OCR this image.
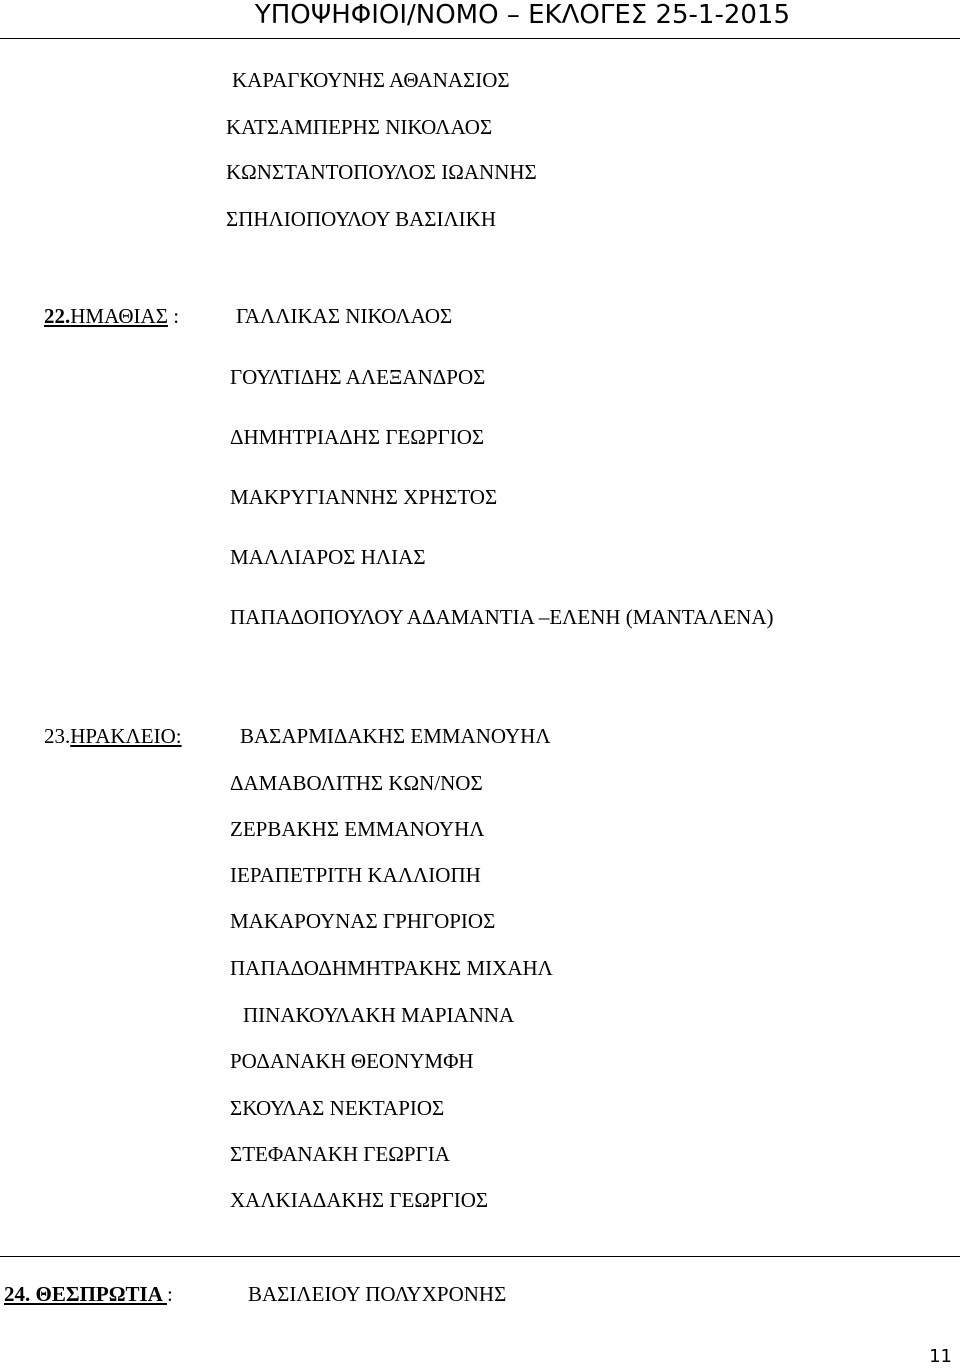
ΥΠΟΨΗΦΙΟΙ/ΝΟΜΟ – ΕΚΛΟΓΕΣ 25-1-2015
ΚΑΡΑΓΚΟΥΝΗΣ ΑΘΑΝΑΣΙΟΣ
ΚΑΤΣΑΜΠΕΡΗΣ ΝΙΚΟΛΑΟΣ
ΚΩΝΣΤΑΝΤΟΠΟΥΛΟΣ ΙΩΑΝΝΗΣ
ΣΠΗΛΙΟΠΟΥΛΟΥ ΒΑΣΙΛΙΚΗ
22.ΗΜΑΘΙΑΣ :	ΓΑΛΛΙΚΑΣ ΝΙΚΟΛΑΟΣ
ΓΟΥΛΤΙΔΗΣ ΑΛΕΞΑΝΔΡΟΣ
ΔΗΜΗΤΡΙΑΔΗΣ ΓΕΩΡΓΙΟΣ
ΜΑΚΡΥΓΙΑΝΝΗΣ ΧΡΗΣΤΟΣ
ΜΑΛΛΙΑΡΟΣ ΗΛΙΑΣ
ΠΑΠΑΔΟΠΟΥΛΟΥ ΑΔΑΜΑΝΤΙΑ –ΕΛΕΝΗ (ΜΑΝΤΑΛΕΝΑ)
23.ΗΡΑΚΛΕΙΟ:	ΒΑΣΑΡΜΙΔΑΚΗΣ ΕΜΜΑΝΟΥΗΛ
ΔΑΜΑΒΟΛΙΤΗΣ ΚΩΝ/ΝΟΣ
ΖΕΡΒΑΚΗΣ ΕΜΜΑΝΟΥΗΛ
ΙΕΡΑΠΕΤΡΙΤΗ ΚΑΛΛΙΟΠΗ
ΜΑΚΑΡΟΥΝΑΣ ΓΡΗΓΟΡΙΟΣ
ΠΑΠΑΔΟΔΗΜΗΤΡΑΚΗΣ ΜΙΧΑΗΛ
ΠΙΝΑΚΟΥΛΑΚΗ ΜΑΡΙΑΝΝΑ
ΡΟΔΑΝΑΚΗ ΘΕΟΝΥΜΦΗ
ΣΚΟΥΛΑΣ ΝΕΚΤΑΡΙΟΣ
ΣΤΕΦΑΝΑΚΗ ΓΕΩΡΓΙΑ
ΧΑΛΚΙΑΔΑΚΗΣ ΓΕΩΡΓΙΟΣ
24. ΘΕΣΠΡΩΤΙΑ :	ΒΑΣΙΛΕΙΟΥ ΠΟΛΥΧΡΟΝΗΣ
11
